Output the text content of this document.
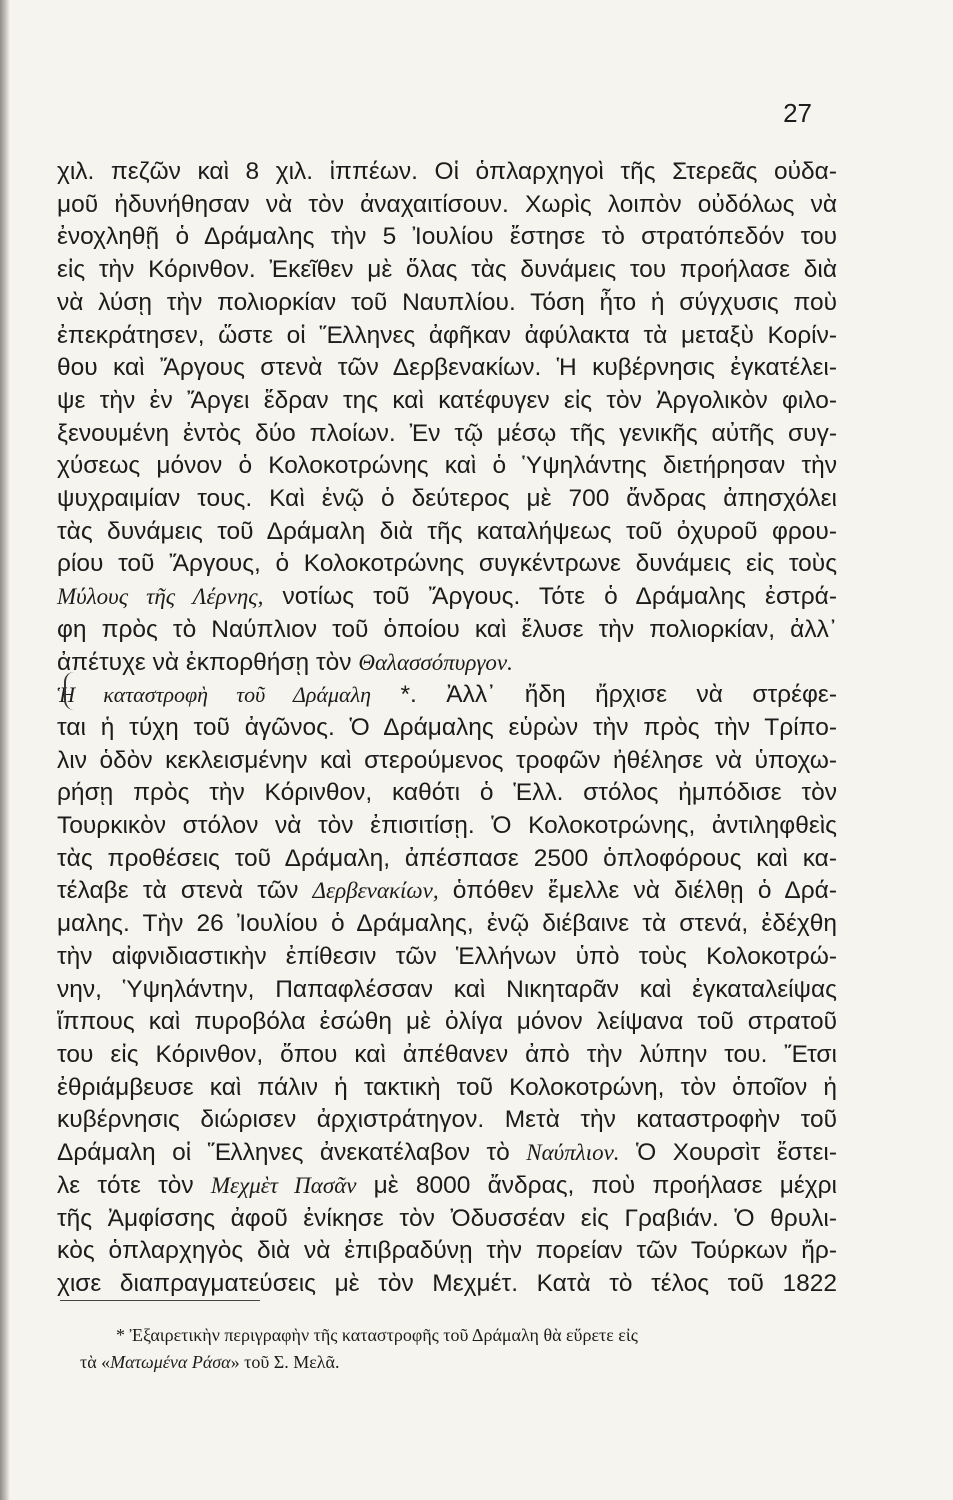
27
χιλ. πεζῶν καὶ 8 χιλ. ἱππέων. Οἱ ὁπλαρχηγοὶ τῆς Στερεᾶς οὐδα-
μοῦ ἠδυνήθησαν νὰ τὸν ἀναχαιτίσουν. Χωρὶς λοιπὸν οὐδόλως νὰ
ἐνοχληθῇ ὁ Δράμαλης τὴν 5 Ἰουλίου ἔστησε τὸ στρατόπεδόν του
εἰς τὴν Κόρινθον. Ἐκεῖθεν μὲ ὅλας τὰς δυνάμεις του προήλασε διὰ
νὰ λύσῃ τὴν πολιορκίαν τοῦ Ναυπλίου. Τόση ἦτο ἡ σύγχυσις ποὺ
ἐπεκράτησεν, ὥστε οἱ Ἕλληνες ἀφῆκαν ἀφύλακτα τὰ μεταξὺ Κορίν-
θου καὶ Ἄργους στενὰ τῶν Δερβενακίων. Ἡ κυβέρνησις ἐγκατέλει-
ψε τὴν ἐν Ἄργει ἕδραν της καὶ κατέφυγεν εἰς τὸν Ἀργολικὸν φιλο-
ξενουμένη ἐντὸς δύο πλοίων. Ἐν τῷ μέσῳ τῆς γενικῆς αὐτῆς συγ-
χύσεως μόνον ὁ Κολοκοτρώνης καὶ ὁ Ὑψηλάντης διετήρησαν τὴν
ψυχραιμίαν τους. Καὶ ἐνῷ ὁ δεύτερος μὲ 700 ἄνδρας ἀπησχόλει
τὰς δυνάμεις τοῦ Δράμαλη διὰ τῆς καταλήψεως τοῦ ὀχυροῦ φρου-
ρίου τοῦ Ἄργους, ὁ Κολοκοτρώνης συγκέντρωνε δυνάμεις εἰς τοὺς
Μύλους τῆς Λέρνης, νοτίως τοῦ Ἄργους. Τότε ὁ Δράμαλης ἐστρά-
φη πρὸς τὸ Ναύπλιον τοῦ ὁποίου καὶ ἔλυσε τὴν πολιορκίαν, ἀλλ᾽
ἀπέτυχε νὰ ἐκπορθήσῃ τὸν Θαλασσόπυργον.
Ἡ καταστροφὴ τοῦ Δράμαλη *. Ἀλλ᾽ ἤδη ἤρχισε νὰ στρέφε-
ται ἡ τύχη τοῦ ἀγῶνος. Ὁ Δράμαλης εὑρὼν τὴν πρὸς τὴν Τρίπο-
λιν ὁδὸν κεκλεισμένην καὶ στερούμενος τροφῶν ἠθέλησε νὰ ὑποχω-
ρήσῃ πρὸς τὴν Κόρινθον, καθότι ὁ Ἑλλ. στόλος ἠμπόδισε τὸν
Τουρκικὸν στόλον νὰ τὸν ἐπισιτίσῃ. Ὁ Κολοκοτρώνης, ἀντιληφθεὶς
τὰς προθέσεις τοῦ Δράμαλη, ἀπέσπασε 2500 ὁπλοφόρους καὶ κα-
τέλαβε τὰ στενὰ τῶν Δερβενακίων, ὁπόθεν ἔμελλε νὰ διέλθῃ ὁ Δρά-
μαλης. Τὴν 26 Ἰουλίου ὁ Δράμαλης, ἐνῷ διέβαινε τὰ στενά, ἐδέχθη
τὴν αἰφνιδιαστικὴν ἐπίθεσιν τῶν Ἑλλήνων ὑπὸ τοὺς Κολοκοτρώ-
νην, Ὑψηλάντην, Παπαφλέσσαν καὶ Νικηταρᾶν καὶ ἐγκαταλείψας
ἵππους καὶ πυροβόλα ἐσώθη μὲ ὀλίγα μόνον λείψανα τοῦ στρατοῦ
του εἰς Κόρινθον, ὅπου καὶ ἀπέθανεν ἀπὸ τὴν λύπην του. Ἔτσι
ἐθριάμβευσε καὶ πάλιν ἡ τακτικὴ τοῦ Κολοκοτρώνη, τὸν ὁποῖον ἡ
κυβέρνησις διώρισεν ἀρχιστράτηγον. Μετὰ τὴν καταστροφὴν τοῦ
Δράμαλη οἱ Ἕλληνες ἀνεκατέλαβον τὸ Ναύπλιον. Ὁ Χουρσὶτ ἔστει-
λε τότε τὸν Μεχμὲτ Πασᾶν μὲ 8000 ἄνδρας, ποὺ προήλασε μέχρι
τῆς Ἀμφίσσης ἀφοῦ ἐνίκησε τὸν Ὀδυσσέαν εἰς Γραβιάν. Ὁ θρυλι-
κὸς ὁπλαρχηγὸς διὰ νὰ ἐπιβραδύνῃ τὴν πορείαν τῶν Τούρκων ἤρ-
χισε διαπραγματεύσεις μὲ τὸν Μεχμέτ. Κατὰ τὸ τέλος τοῦ 1822
* Ἐξαιρετικὴν περιγραφὴν τῆς καταστροφῆς τοῦ Δράμαλη θὰ εὕρετε εἰς
τὰ «Ματωμένα Ράσα» τοῦ Σ. Μελᾶ.
